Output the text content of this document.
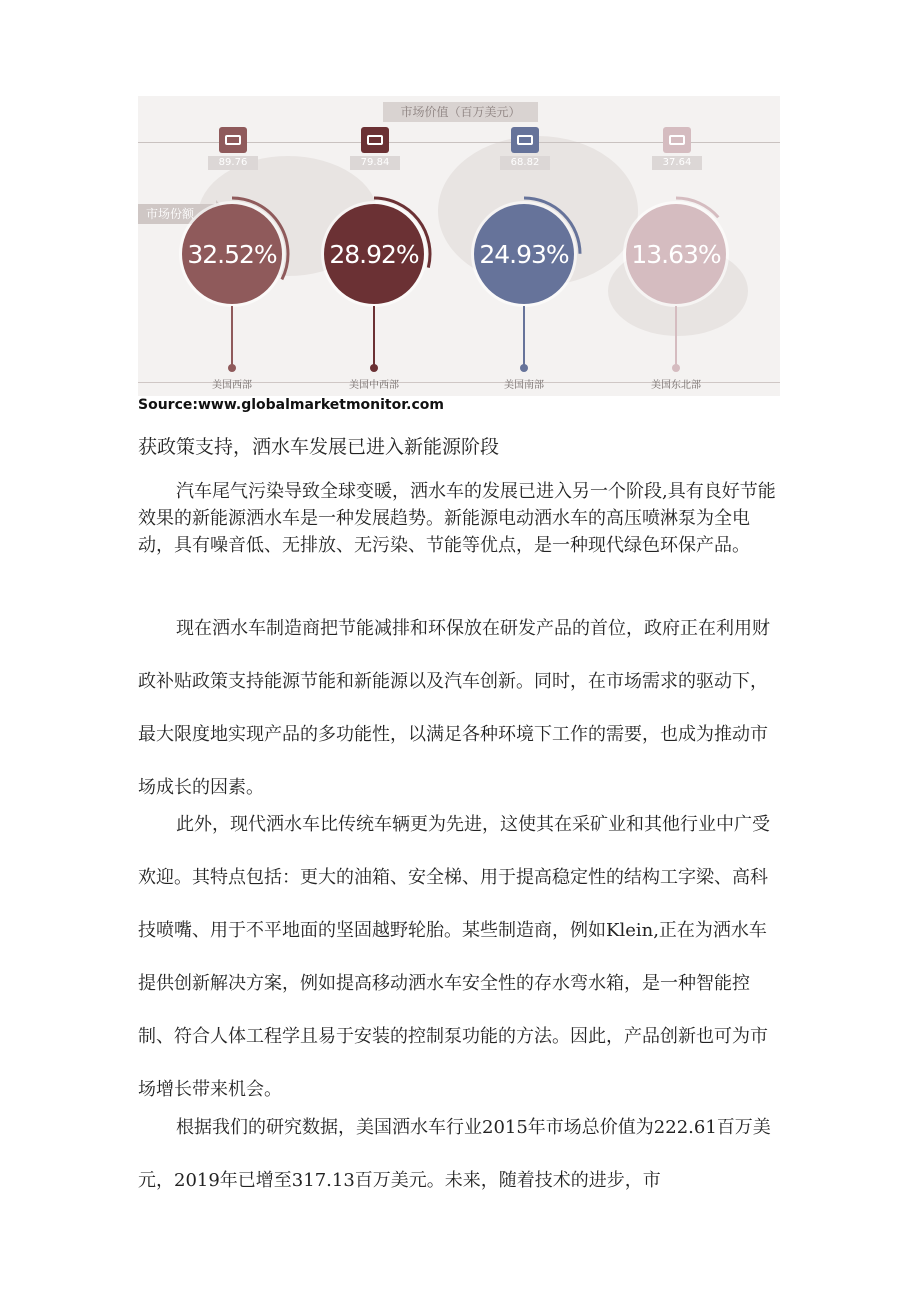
市场价值（百万美元）
市场份额
89.76
32.52%
美国西部
79.84
28.92%
美国中西部
68.82
24.93%
美国南部
37.64
13.63%
美国东北部
Source:www.globalmarketmonitor.com
获政策支持，洒水车发展已进入新能源阶段

汽车尾气污染导致全球变暖，洒水车的发展已进入另一个阶段,具有良好节能效果的新能源洒水车是一种发展趋势。新能源电动洒水车的高压喷淋泵为全电动，具有噪音低、无排放、无污染、节能等优点，是一种现代绿色环保产品。

现在洒水车制造商把节能减排和环保放在研发产品的首位，政府正在利用财政补贴政策支持能源节能和新能源以及汽车创新。同时，在市场需求的驱动下，最大限度地实现产品的多功能性，以满足各种环境下工作的需要，也成为推动市场成长的因素。

此外，现代洒水车比传统车辆更为先进，这使其在采矿业和其他行业中广受欢迎。其特点包括：更大的油箱、安全梯、用于提高稳定性的结构工字梁、高科技喷嘴、用于不平地面的坚固越野轮胎。某些制造商，例如Klein,正在为洒水车提供创新解决方案，例如提高移动洒水车安全性的存水弯水箱，是一种智能控制、符合人体工程学且易于安装的控制泵功能的方法。因此，产品创新也可为市场增长带来机会。

根据我们的研究数据，美国洒水车行业2015年市场总价值为222.61百万美元，2019年已增至317.13百万美元。未来，随着技术的进步，市
